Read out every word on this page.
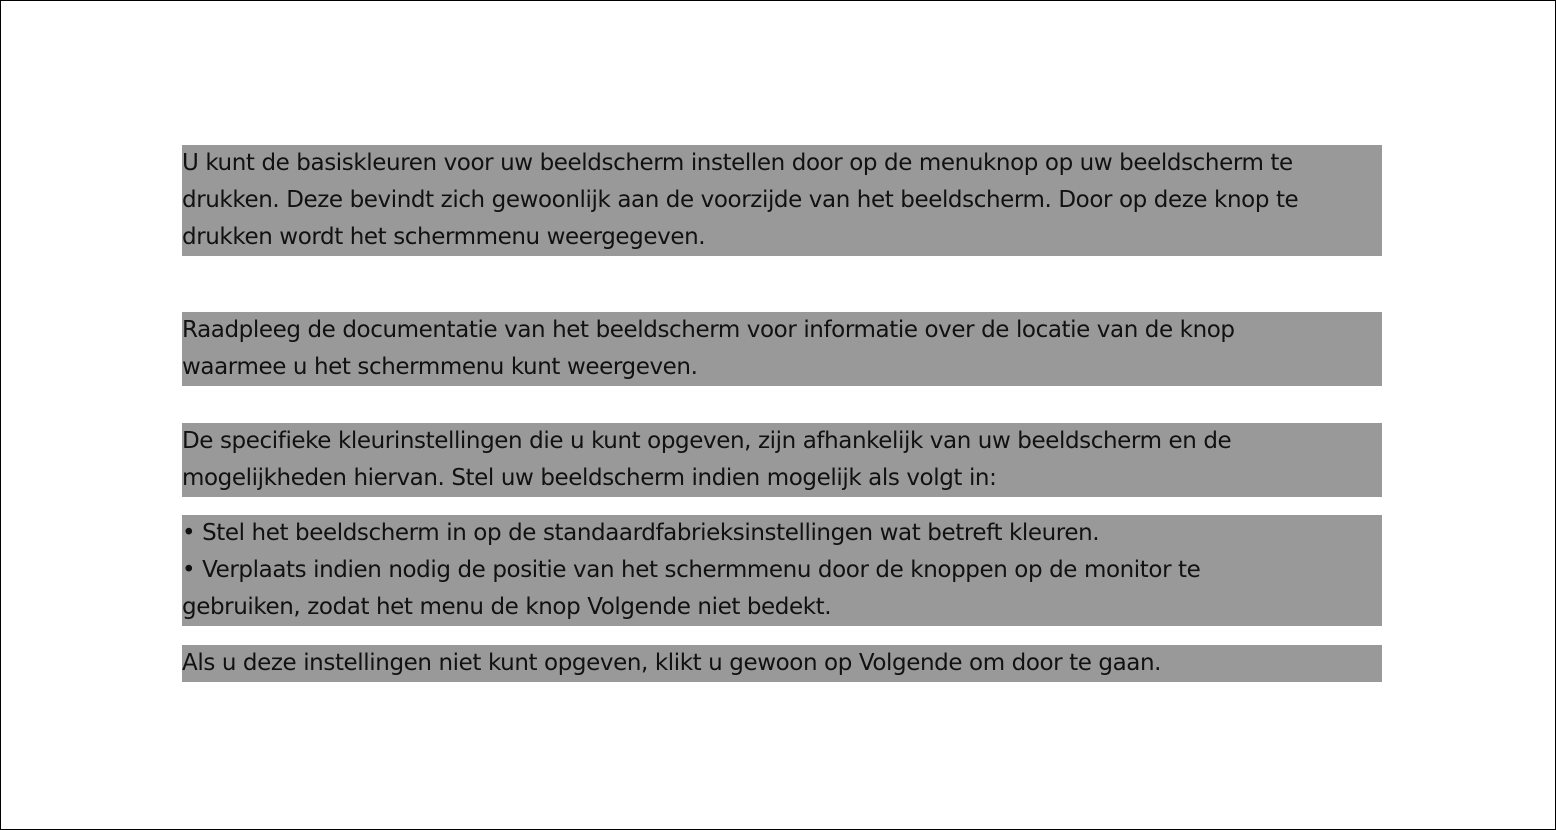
U kunt de basiskleuren voor uw beeldscherm instellen door op de menuknop op uw beeldscherm te
drukken. Deze bevindt zich gewoonlijk aan de voorzijde van het beeldscherm. Door op deze knop te
drukken wordt het schermmenu weergegeven.
Raadpleeg de documentatie van het beeldscherm voor informatie over de locatie van de knop
waarmee u het schermmenu kunt weergeven.
De specifieke kleurinstellingen die u kunt opgeven, zijn afhankelijk van uw beeldscherm en de
mogelijkheden hiervan. Stel uw beeldscherm indien mogelijk als volgt in:
• Stel het beeldscherm in op de standaardfabrieksinstellingen wat betreft kleuren.
• Verplaats indien nodig de positie van het schermmenu door de knoppen op de monitor te
gebruiken, zodat het menu de knop Volgende niet bedekt.
Als u deze instellingen niet kunt opgeven, klikt u gewoon op Volgende om door te gaan.
